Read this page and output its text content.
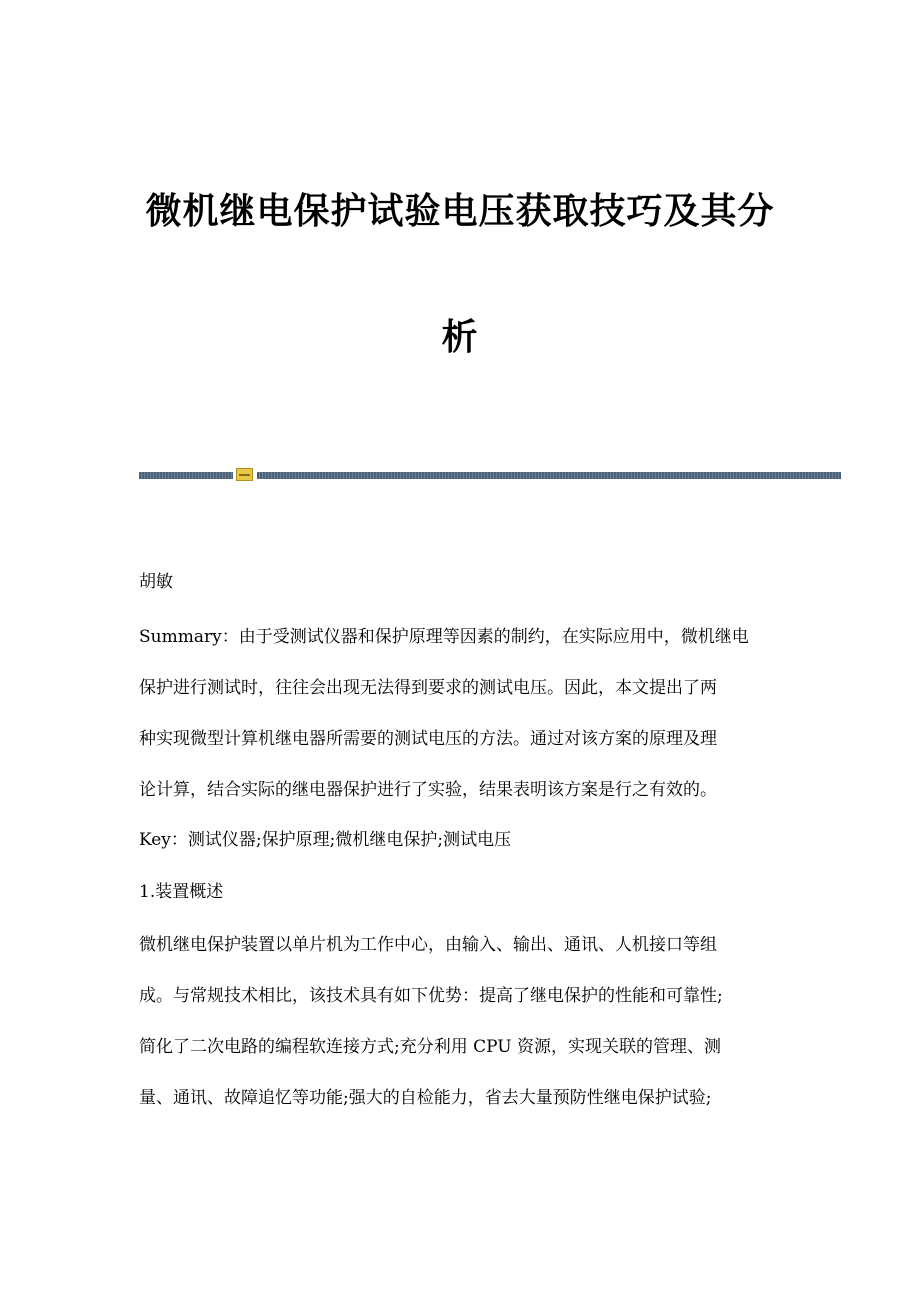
微机继电保护试验电压获取技巧及其分
析

胡敏

Summary：由于受测试仪器和保护原理等因素的制约，在实际应用中，微机继电

保护进行测试时，往往会出现无法得到要求的测试电压。因此，本文提出了两

种实现微型计算机继电器所需要的测试电压的方法。通过对该方案的原理及理

论计算，结合实际的继电器保护进行了实验，结果表明该方案是行之有效的。

Key：测试仪器;保护原理;微机继电保护;测试电压

1.装置概述

微机继电保护装置以单片机为工作中心，由输入、输出、通讯、人机接口等组

成。与常规技术相比，该技术具有如下优势：提高了继电保护的性能和可靠性;

简化了二次电路的编程软连接方式;充分利用 CPU 资源，实现关联的管理、测

量、通讯、故障追忆等功能;强大的自检能力，省去大量预防性继电保护试验;
